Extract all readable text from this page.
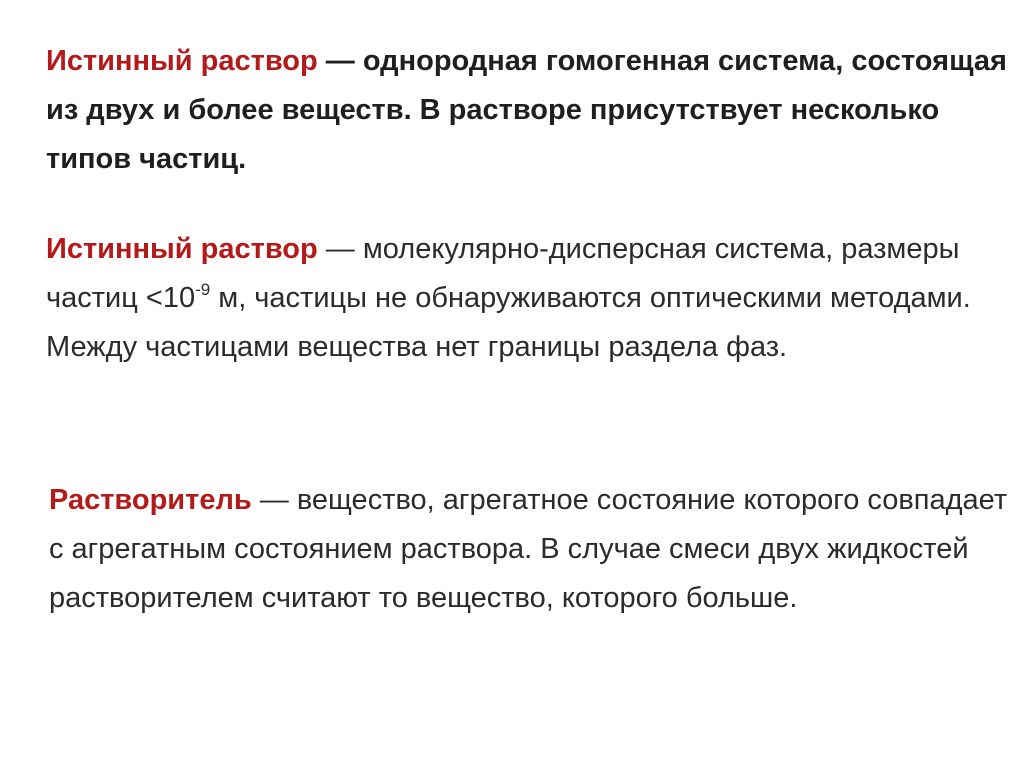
Истинный раствор — однородная гомогенная система, состоящая из двух и более веществ. В растворе присутствует несколько типов частиц.

Истинный раствор — молекулярно-дисперсная система, размеры частиц $<10^{-9}$ м, частицы не обнаруживаются оптическими методами. Между частицами вещества нет границы раздела фаз.

Растворитель — вещество, агрегатное состояние которого совпадает с агрегатным состоянием раствора. В случае смеси двух жидкостей растворителем считают то вещество, которого больше.
